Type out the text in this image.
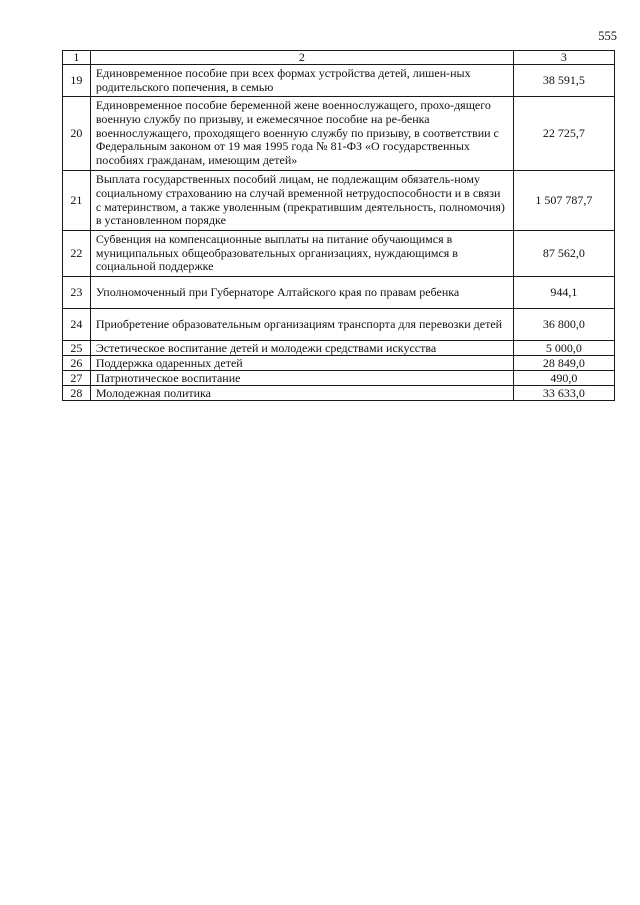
555
1	2	3
19	Единовременное пособие при всех формах устройства детей, лишен-ных родительского попечения, в семью	38 591,5
20	Единовременное пособие беременной жене военнослужащего, прохо-дящего военную службу по призыву, и ежемесячное пособие на ре-бенка военнослужащего, проходящего военную службу по призыву, в соответствии с Федеральным законом от 19 мая 1995 года № 81-ФЗ «О государственных пособиях гражданам, имеющим детей»	22 725,7
21	Выплата государственных пособий лицам, не подлежащим обязатель-ному социальному страхованию на случай временной нетрудоспособности и в связи с материнством, а также уволенным (прекратившим деятельность, полномочия) в установленном порядке	1 507 787,7
22	Субвенция на компенсационные выплаты на питание обучающимся в муниципальных общеобразовательных организациях, нуждающимся в социальной поддержке	87 562,0
23	Уполномоченный при Губернаторе Алтайского края по правам ребенка	944,1
24	Приобретение образовательным организациям транспорта для перевозки детей	36 800,0
25	Эстетическое воспитание детей и молодежи средствами искусства	5 000,0
26	Поддержка одаренных детей	28 849,0
27	Патриотическое воспитание	490,0
28	Молодежная политика	33 633,0
